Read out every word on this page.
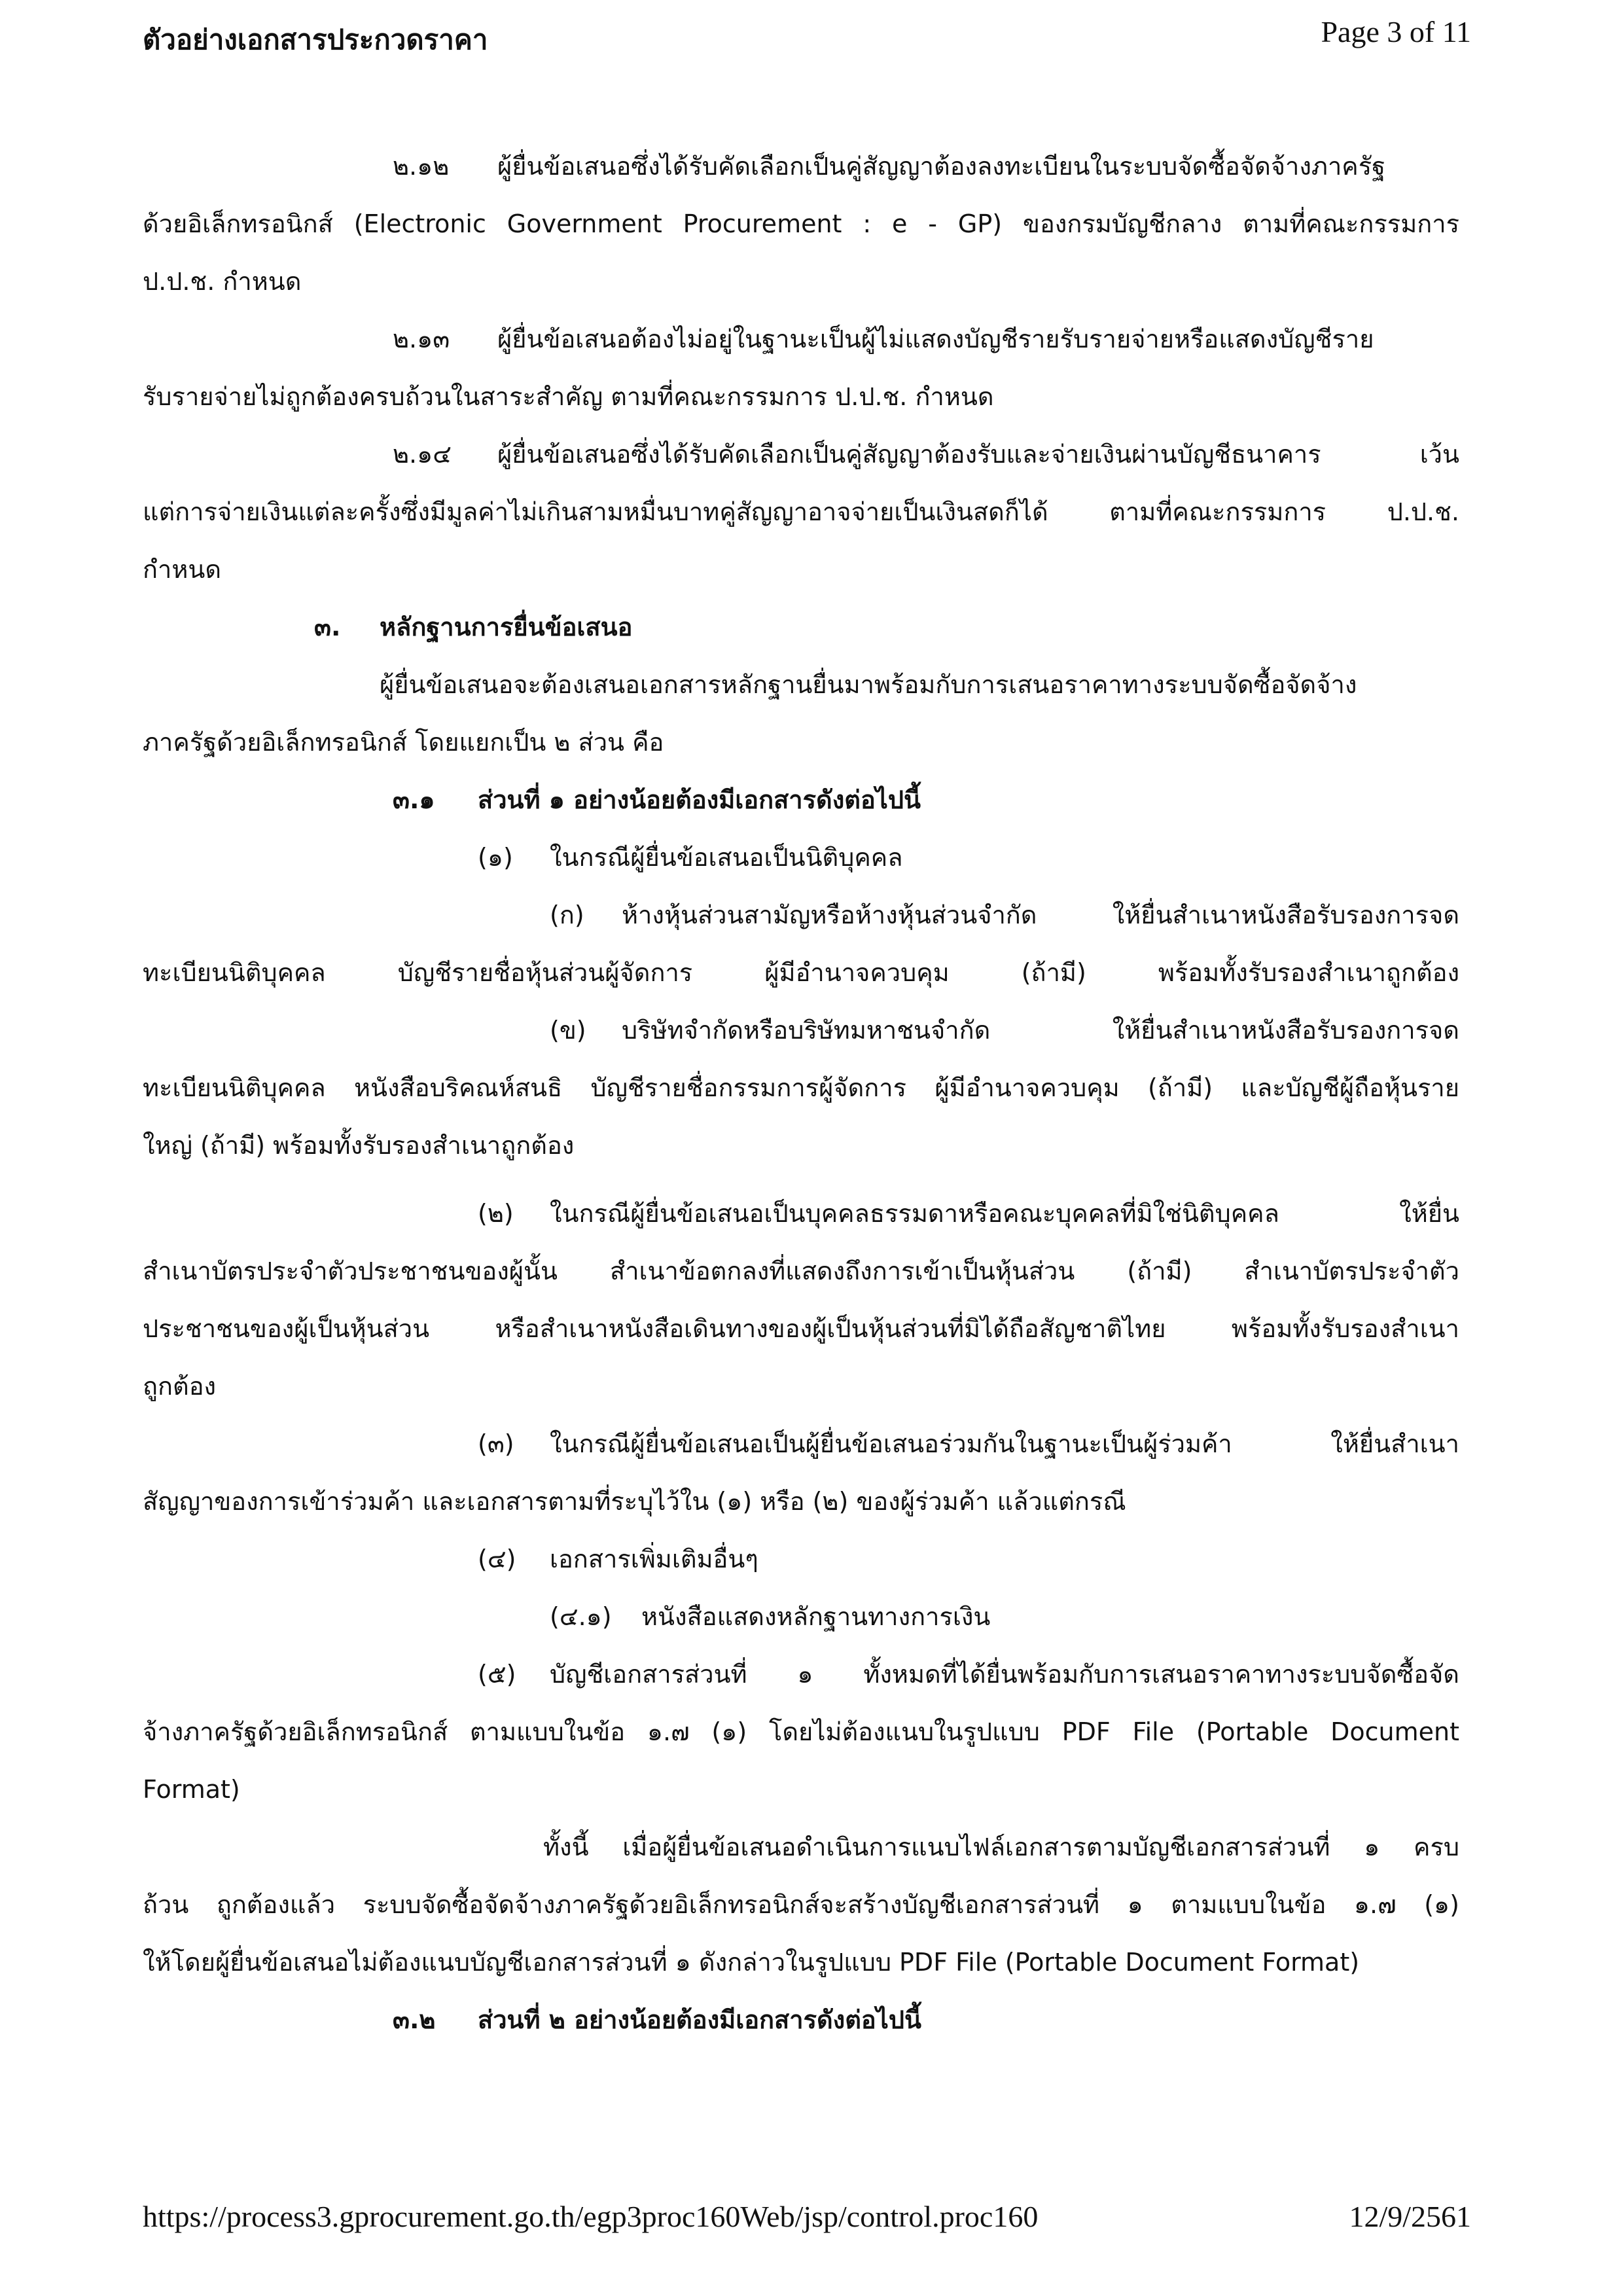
ตัวอย่างเอกสารประกวดราคา	Page 3 of 11
ผู้ยื่นข้อเสนอซึ่งได้รับคัดเลือกเป็นคู่สัญญาต้องลงทะเบียนในระบบจัดซื้อจัดจ้างภาครัฐ
ด้วยอิเล็กทรอนิกส์ (Electronic Government Procurement : e - GP) ของกรมบัญชีกลาง ตามที่คณะกรรมการ
ป.ป.ช. กำหนด
๒.๑๒
ผู้ยื่นข้อเสนอต้องไม่อยู่ในฐานะเป็นผู้ไม่แสดงบัญชีรายรับรายจ่ายหรือแสดงบัญชีราย
๒.๑๓
รับรายจ่ายไม่ถูกต้องครบถ้วนในสาระสำคัญ ตามที่คณะกรรมการ ป.ป.ช. กำหนด
ผู้ยื่นข้อเสนอซึ่งได้รับคัดเลือกเป็นคู่สัญญาต้องรับและจ่ายเงินผ่านบัญชีธนาคาร เว้น
๒.๑๔
แต่การจ่ายเงินแต่ละครั้งซึ่งมีมูลค่าไม่เกินสามหมื่นบาทคู่สัญญาอาจจ่ายเป็นเงินสดก็ได้ ตามที่คณะกรรมการ ป.ป.ช.
กำหนด
๓. หลักฐานการยื่นข้อเสนอ
ผู้ยื่นข้อเสนอจะต้องเสนอเอกสารหลักฐานยื่นมาพร้อมกับการเสนอราคาทางระบบจัดซื้อจัดจ้าง
ภาครัฐด้วยอิเล็กทรอนิกส์ โดยแยกเป็น ๒ ส่วน คือ
๓.๑ ส่วนที่ ๑ อย่างน้อยต้องมีเอกสารดังต่อไปนี้
(๑) ในกรณีผู้ยื่นข้อเสนอเป็นนิติบุคคล
(ก) ห้างหุ้นส่วนสามัญหรือห้างหุ้นส่วนจำกัด ให้ยื่นสำเนาหนังสือรับรองการจด
ทะเบียนนิติบุคคล บัญชีรายชื่อหุ้นส่วนผู้จัดการ ผู้มีอำนาจควบคุม (ถ้ามี) พร้อมทั้งรับรองสำเนาถูกต้อง
(ข) บริษัทจำกัดหรือบริษัทมหาชนจำกัด ให้ยื่นสำเนาหนังสือรับรองการจด
ทะเบียนนิติบุคคล หนังสือบริคณห์สนธิ บัญชีรายชื่อกรรมการผู้จัดการ ผู้มีอำนาจควบคุม (ถ้ามี) และบัญชีผู้ถือหุ้นราย
ใหญ่ (ถ้ามี) พร้อมทั้งรับรองสำเนาถูกต้อง
(๒) ในกรณีผู้ยื่นข้อเสนอเป็นบุคคลธรรมดาหรือคณะบุคคลที่มิใช่นิติบุคคล ให้ยื่น
สำเนาบัตรประจำตัวประชาชนของผู้นั้น สำเนาข้อตกลงที่แสดงถึงการเข้าเป็นหุ้นส่วน (ถ้ามี) สำเนาบัตรประจำตัว
ประชาชนของผู้เป็นหุ้นส่วน หรือสำเนาหนังสือเดินทางของผู้เป็นหุ้นส่วนที่มิได้ถือสัญชาติไทย พร้อมทั้งรับรองสำเนา
ถูกต้อง
(๓) ในกรณีผู้ยื่นข้อเสนอเป็นผู้ยื่นข้อเสนอร่วมกันในฐานะเป็นผู้ร่วมค้า ให้ยื่นสำเนา
สัญญาของการเข้าร่วมค้า และเอกสารตามที่ระบุไว้ใน (๑) หรือ (๒) ของผู้ร่วมค้า แล้วแต่กรณี
(๔) เอกสารเพิ่มเติมอื่นๆ
(๔.๑) หนังสือแสดงหลักฐานทางการเงิน
(๕) บัญชีเอกสารส่วนที่ ๑ ทั้งหมดที่ได้ยื่นพร้อมกับการเสนอราคาทางระบบจัดซื้อจัด
จ้างภาครัฐด้วยอิเล็กทรอนิกส์ ตามแบบในข้อ ๑.๗ (๑) โดยไม่ต้องแนบในรูปแบบ PDF File (Portable Document
Format)
ทั้งนี้ เมื่อผู้ยื่นข้อเสนอดำเนินการแนบไฟล์เอกสารตามบัญชีเอกสารส่วนที่ ๑ ครบ
ถ้วน ถูกต้องแล้ว ระบบจัดซื้อจัดจ้างภาครัฐด้วยอิเล็กทรอนิกส์จะสร้างบัญชีเอกสารส่วนที่ ๑ ตามแบบในข้อ ๑.๗ (๑)
ให้โดยผู้ยื่นข้อเสนอไม่ต้องแนบบัญชีเอกสารส่วนที่ ๑ ดังกล่าวในรูปแบบ PDF File (Portable Document Format)
๓.๒ ส่วนที่ ๒ อย่างน้อยต้องมีเอกสารดังต่อไปนี้
https://process3.gprocurement.go.th/egp3proc160Web/jsp/control.proc160	12/9/2561
